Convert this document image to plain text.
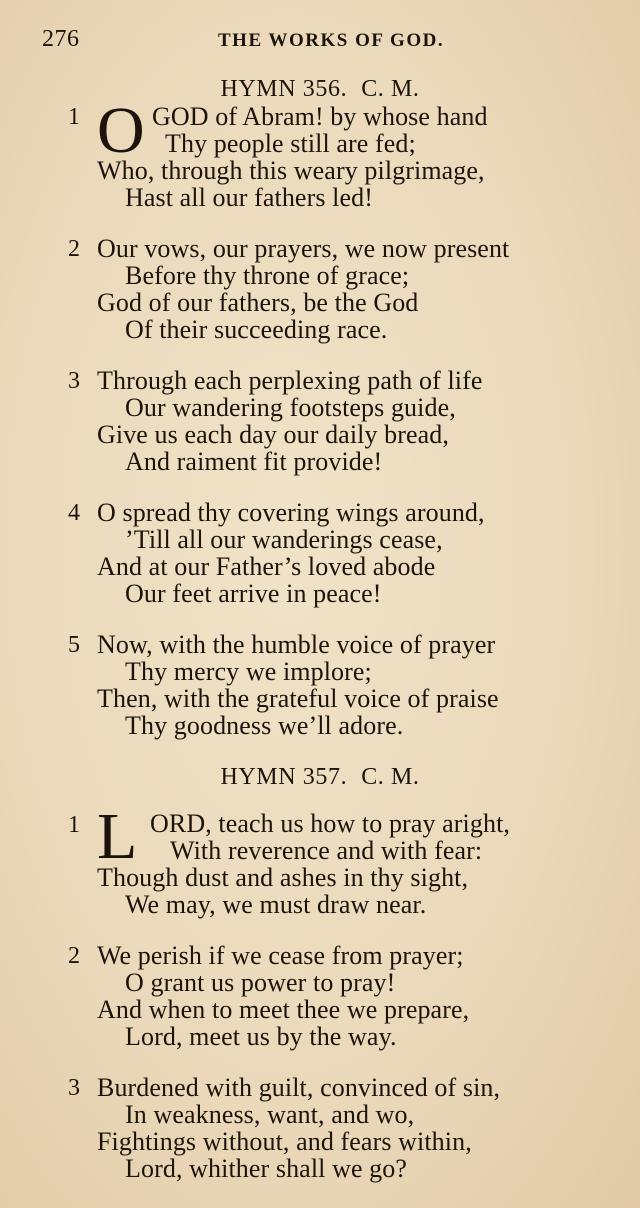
276	THE WORKS OF GOD.
HYMN 356. C. M.
1 O GOD of Abram! by whose hand
Thy people still are fed;
Who, through this weary pilgrimage,
Hast all our fathers led!
2 Our vows, our prayers, we now present
Before thy throne of grace;
God of our fathers, be the God
Of their succeeding race.
3 Through each perplexing path of life
Our wandering footsteps guide,
Give us each day our daily bread,
And raiment fit provide!
4 O spread thy covering wings around,
’Till all our wanderings cease,
And at our Father’s loved abode
Our feet arrive in peace!
5 Now, with the humble voice of prayer
Thy mercy we implore;
Then, with the grateful voice of praise
Thy goodness we’ll adore.
HYMN 357. C. M.
1 L ORD, teach us how to pray aright,
With reverence and with fear:
Though dust and ashes in thy sight,
We may, we must draw near.
2 We perish if we cease from prayer;
O grant us power to pray!
And when to meet thee we prepare,
Lord, meet us by the way.
3 Burdened with guilt, convinced of sin,
In weakness, want, and wo,
Fightings without, and fears within,
Lord, whither shall we go?
